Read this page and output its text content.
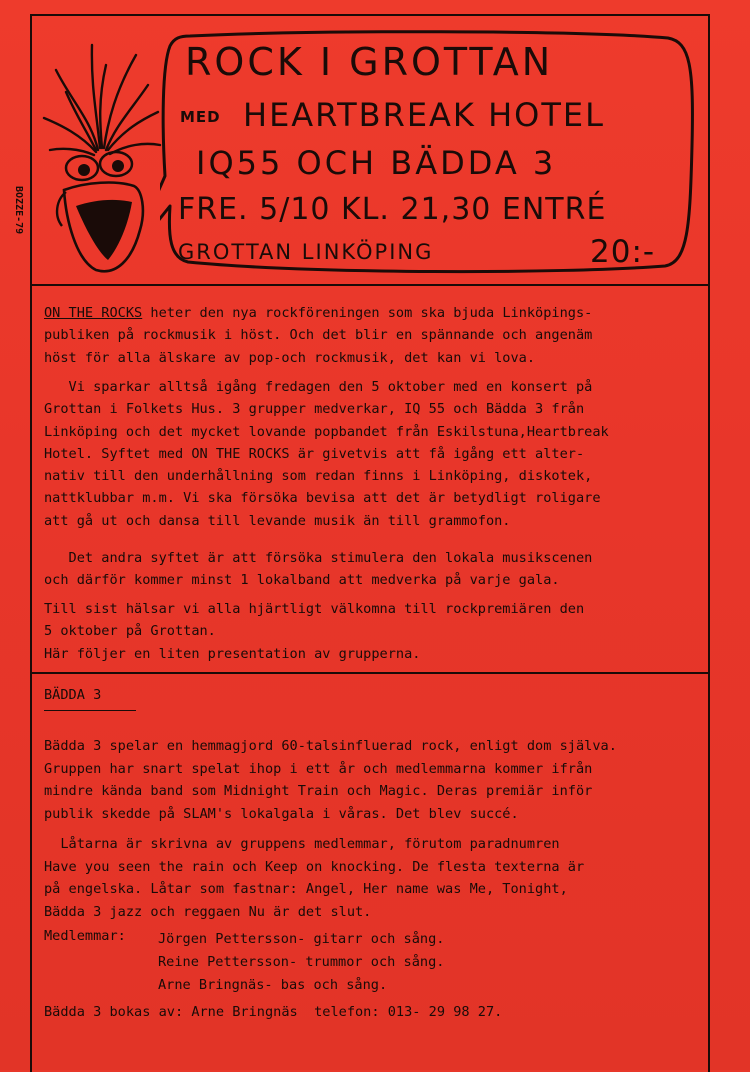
BOZZE-79
ROCK I GROTTAN
MED HEARTBREAK HOTEL
IQ55 OCH BÄDDA 3
FRE. 5/10 KL. 21,30 ENTRÉ
GROTTAN LINKÖPING	20:-
ON THE ROCKS heter den nya rockföreningen som ska bjuda Linköpings-
publiken på rockmusik i höst. Och det blir en spännande och angenäm
höst för alla älskare av pop-och rockmusik, det kan vi lova.
Vi sparkar alltså igång fredagen den 5 oktober med en konsert på
Grottan i Folkets Hus. 3 grupper medverkar, IQ 55 och Bädda 3 från
Linköping och det mycket lovande popbandet från Eskilstuna,Heartbreak
Hotel. Syftet med ON THE ROCKS är givetvis att få igång ett alter-
nativ till den underhållning som redan finns i Linköping, diskotek,
nattklubbar m.m. Vi ska försöka bevisa att det är betydligt roligare
att gå ut och dansa till levande musik än till grammofon.
Det andra syftet är att försöka stimulera den lokala musikscenen
och därför kommer minst 1 lokalband att medverka på varje gala.
Till sist hälsar vi alla hjärtligt välkomna till rockpremiären den
5 oktober på Grottan.
Här följer en liten presentation av grupperna.
BÄDDA 3
Bädda 3 spelar en hemmagjord 60-talsinfluerad rock, enligt dom själva.
Gruppen har snart spelat ihop i ett år och medlemmarna kommer ifrån
mindre kända band som Midnight Train och Magic. Deras premiär inför
publik skedde på SLAM's lokalgala i våras. Det blev succé.
Låtarna är skrivna av gruppens medlemmar, förutom paradnumren
Have you seen the rain och Keep on knocking. De flesta texterna är
på engelska. Låtar som fastnar: Angel, Her name was Me, Tonight,
Bädda 3 jazz och reggaen Nu är det slut.
Medlemmar: Jörgen Pettersson- gitarr och sång.
Reine Pettersson- trummor och sång.
Arne Bringnäs- bas och sång.
Bädda 3 bokas av: Arne Bringnäs  telefon: 013- 29 98 27.
